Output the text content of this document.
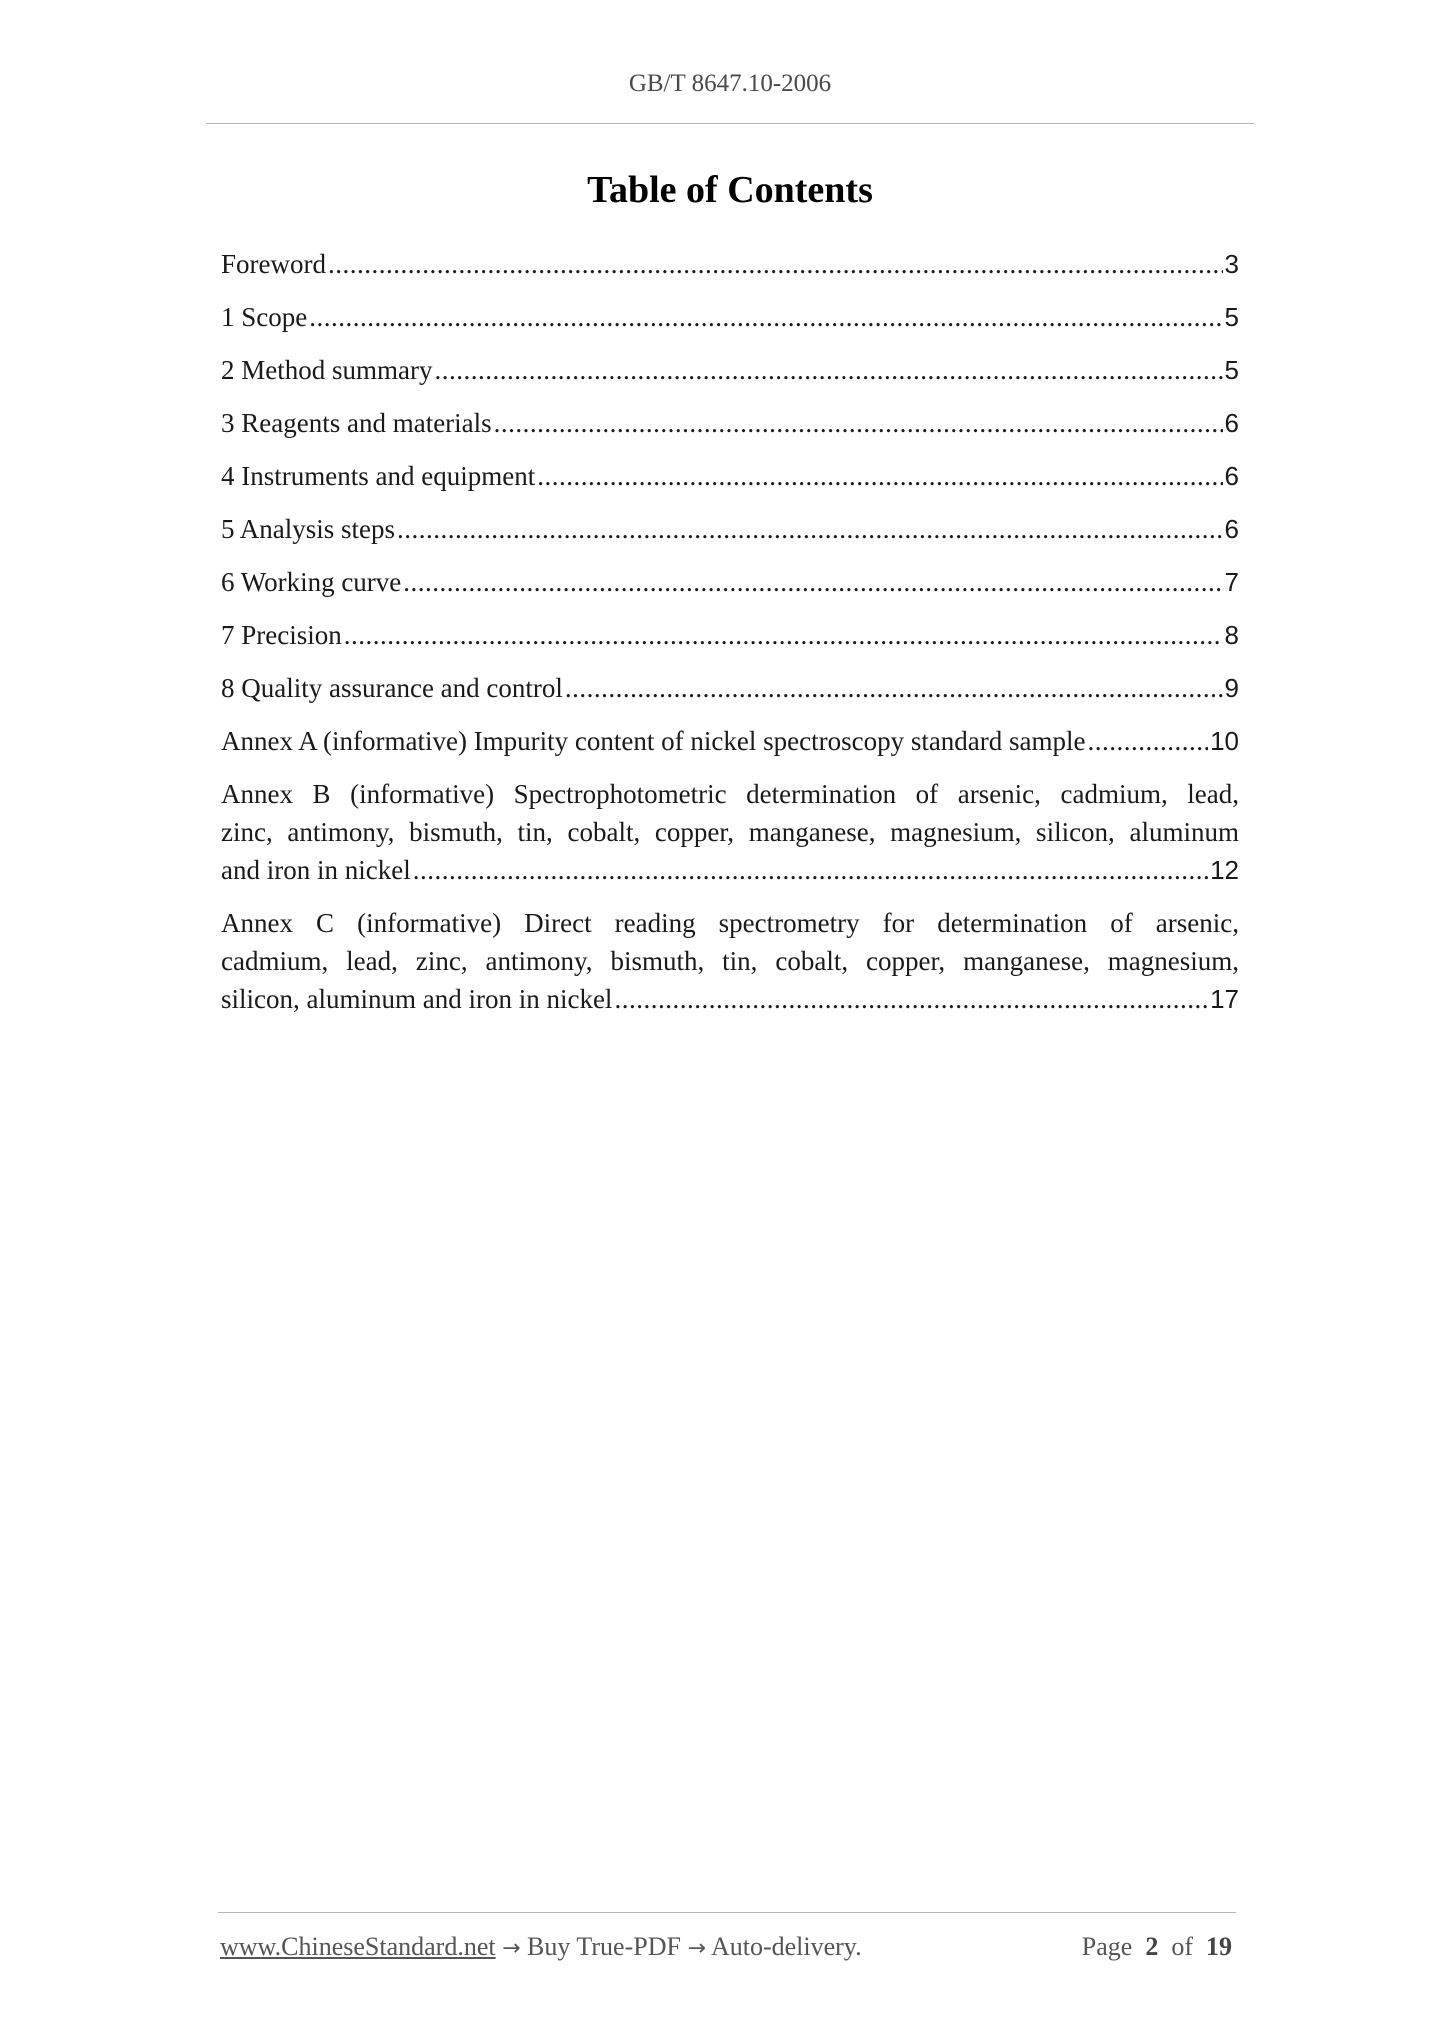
GB/T 8647.10-2006
Table of Contents
Foreword .....	3
1 Scope .....	5
2 Method summary .....	5
3 Reagents and materials .....	6
4 Instruments and equipment .....	6
5 Analysis steps .....	6
6 Working curve .....	7
7 Precision .....	8
8 Quality assurance and control .....	9
Annex A (informative) Impurity content of nickel spectroscopy standard sample .....	10
Annex B (informative) Spectrophotometric determination of arsenic, cadmium, lead,
zinc, antimony, bismuth, tin, cobalt, copper, manganese, magnesium, silicon, aluminum
and iron in nickel .....	12
Annex C (informative) Direct reading spectrometry for determination of arsenic,
cadmium, lead, zinc, antimony, bismuth, tin, cobalt, copper, manganese, magnesium,
silicon, aluminum and iron in nickel .....	17
www.ChineseStandard.net → Buy True-PDF → Auto-delivery.	Page 2 of 19
